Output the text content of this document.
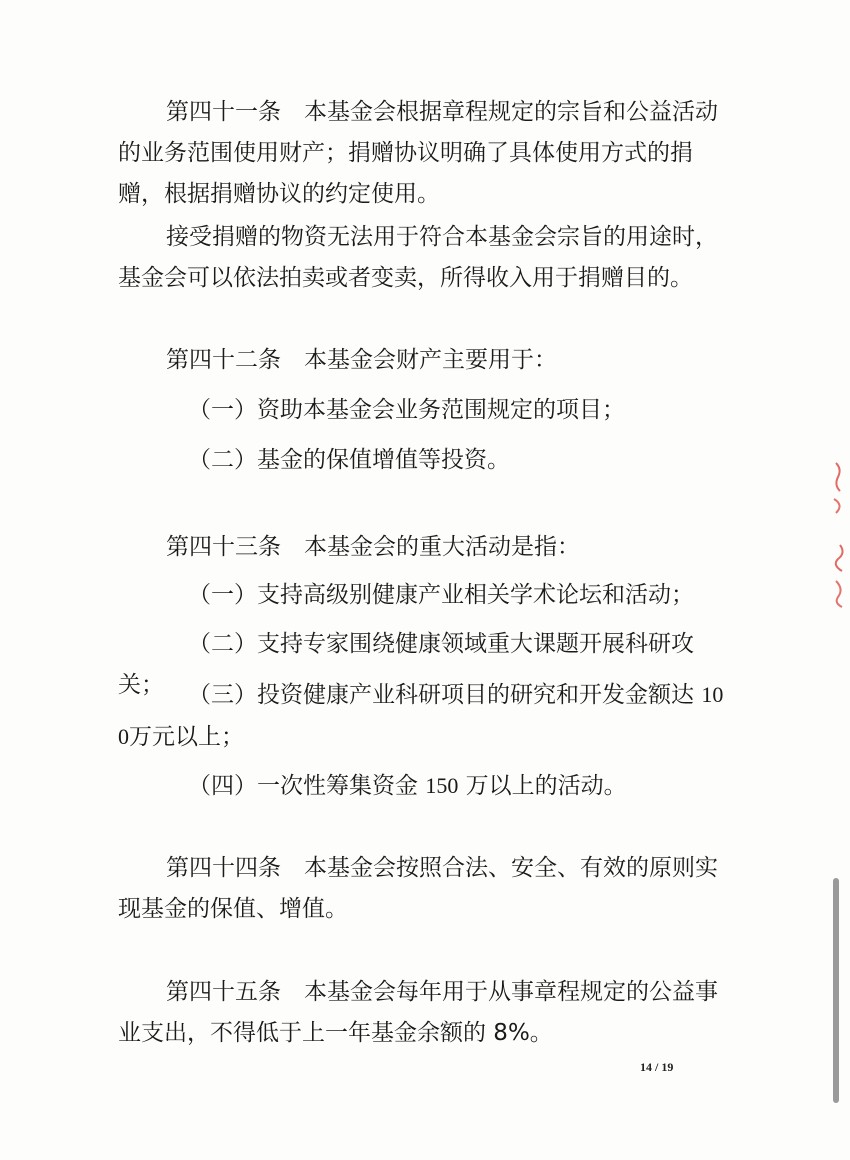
第四十一条　本基金会根据章程规定的宗旨和公益活动的业务范围使用财产；捐赠协议明确了具体使用方式的捐赠，根据捐赠协议的约定使用。

接受捐赠的物资无法用于符合本基金会宗旨的用途时，基金会可以依法拍卖或者变卖，所得收入用于捐赠目的。

第四十二条　本基金会财产主要用于：

（一）资助本基金会业务范围规定的项目；

（二）基金的保值增值等投资。

第四十三条　本基金会的重大活动是指：

（一）支持高级别健康产业相关学术论坛和活动；

（二）支持专家围绕健康领域重大课题开展科研攻关；	（三）投资健康产业科研项目的研究和开发金额达 100万元以上；

（四）一次性筹集资金 150 万以上的活动。

第四十四条　本基金会按照合法、安全、有效的原则实现基金的保值、增值。

第四十五条　本基金会每年用于从事章程规定的公益事业支出，不得低于上一年基金余额的 8%。

14 / 19
